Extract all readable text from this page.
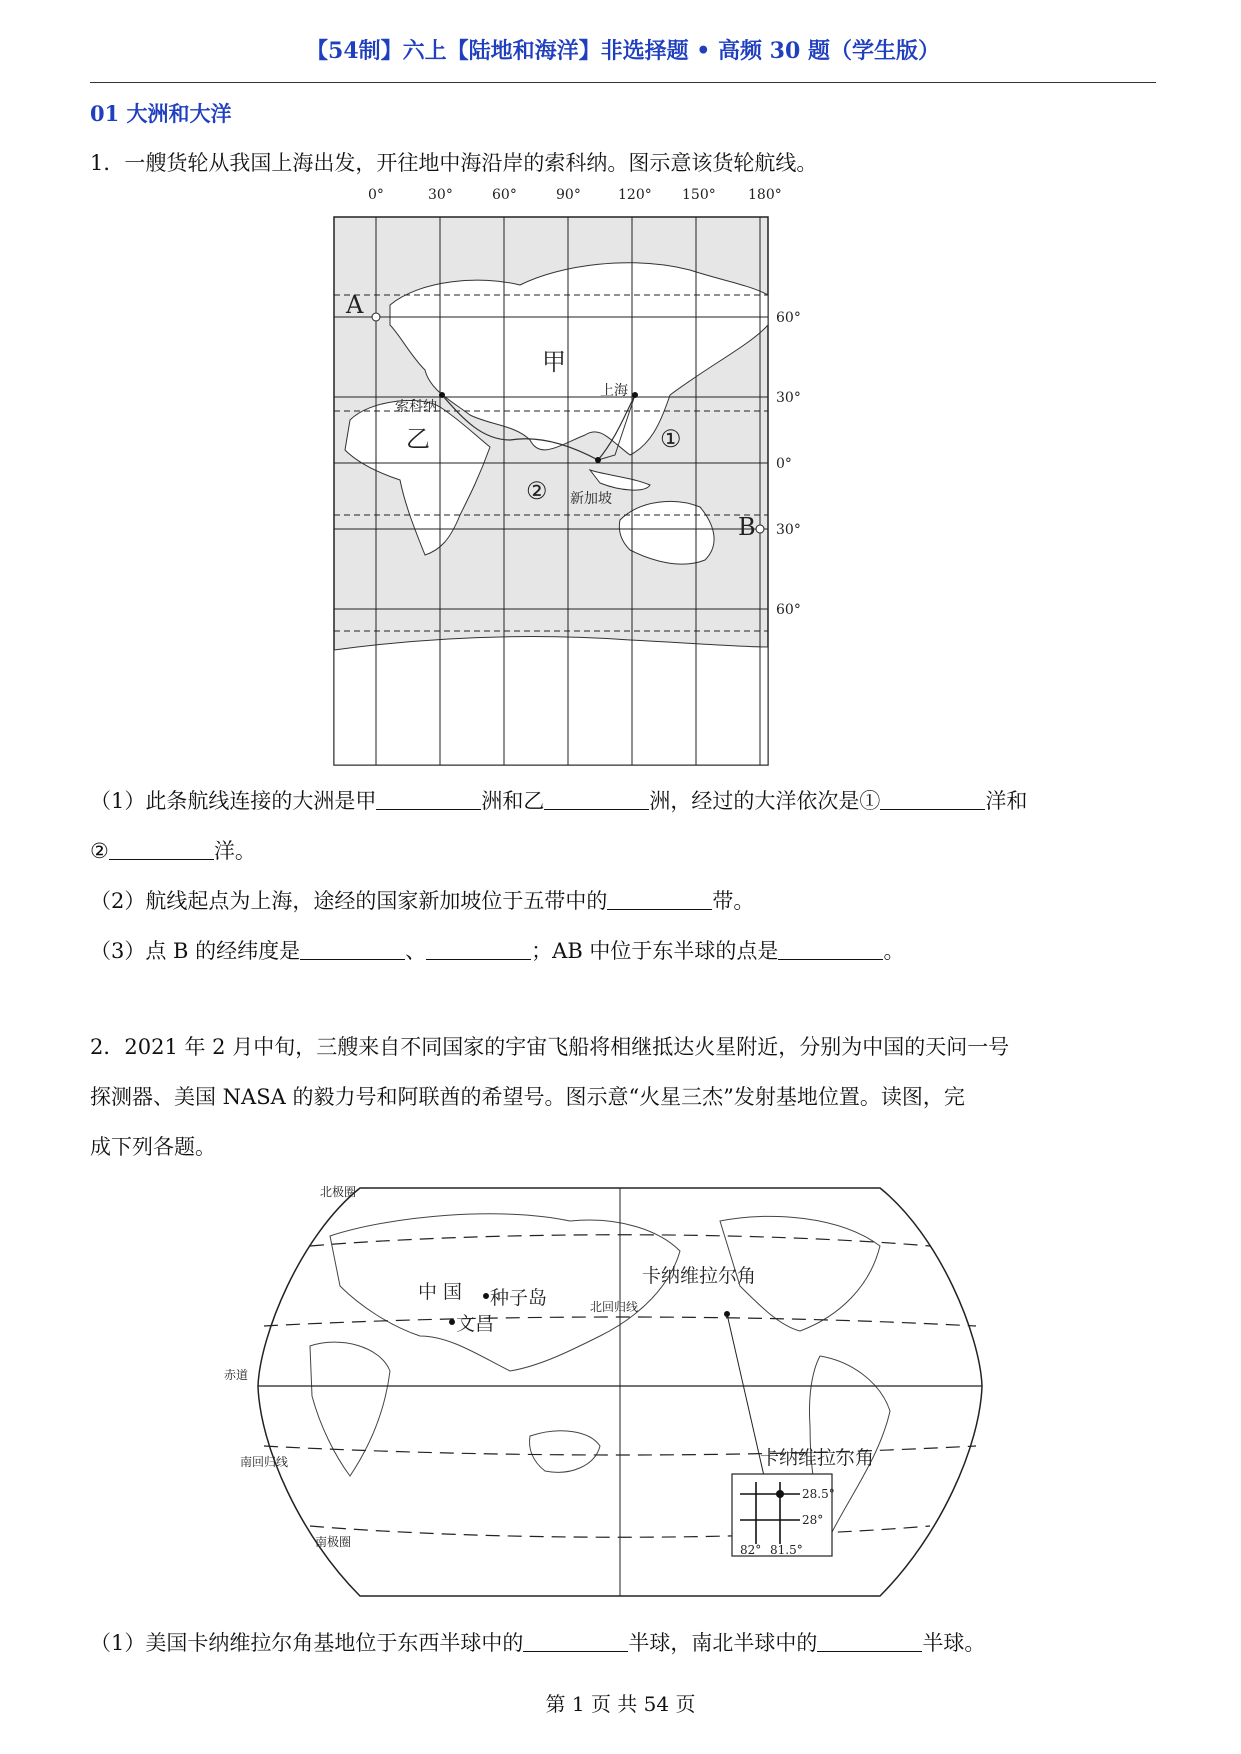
【54制】六上【陆地和海洋】非选择题 • 高频 30 题（学生版）
01 大洲和大洋
1．一艘货轮从我国上海出发，开往地中海沿岸的索科纳。图示意该货轮航线。
0°	30°	60°	90°	120° 150° 180°
60°
30°
0°
30°
60°
上海
索科纳
新加坡
A
B
甲
乙	①
②
（1）此条航线连接的大洲是甲	洲和乙	洲，经过的大洋依次是①	洋和
②	洋。
（2）航线起点为上海，途经的国家新加坡位于五带中的	带。
（3）点 B 的经纬度是	、	；AB 中位于东半球的点是	。
2．2021 年 2 月中旬，三艘来自不同国家的宇宙飞船将相继抵达火星附近，分别为中国的天问一号
探测器、美国 NASA 的毅力号和阿联酋的希望号。图示意“火星三杰”发射基地位置。读图，完
成下列各题。
北极圈
北回归线
赤道
南回归线
南极圈
28.5°
28°
82° 81.5°
中 国 种子岛
文昌
卡纳维拉尔角
卡纳维拉尔角
（1）美国卡纳维拉尔角基地位于东西半球中的	半球，南北半球中的	半球。
第 1 页 共 54 页
